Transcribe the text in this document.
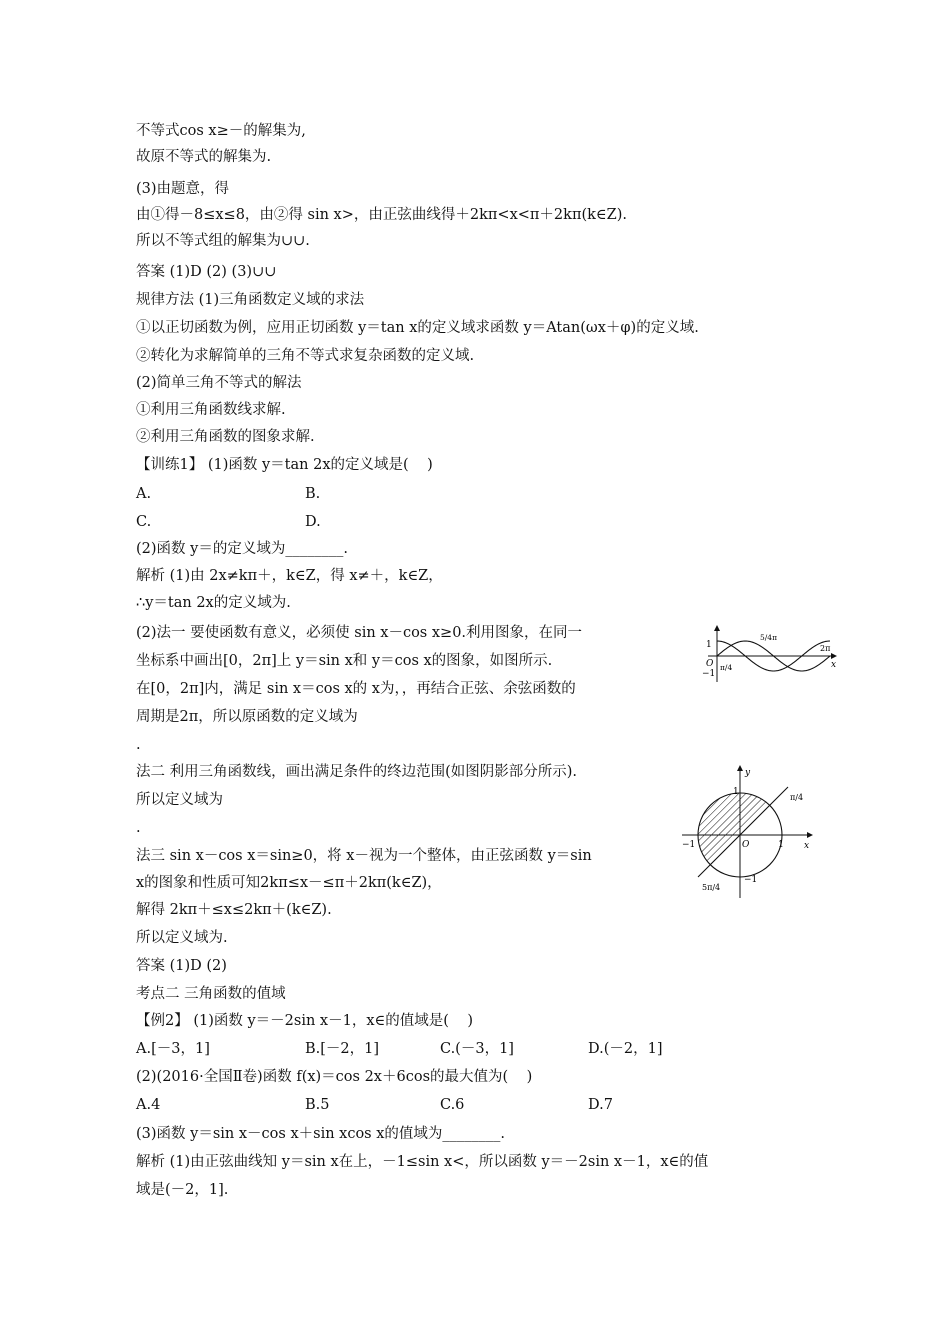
不等式cos x≥－的解集为,
故原不等式的解集为.
(3)由题意，得
由①得－8≤x≤8，由②得 sin x>，由正弦曲线得＋2kπ<x<π＋2kπ(k∈Z).
所以不等式组的解集为∪∪.
答案 (1)D (2) (3)∪∪
规律方法 (1)三角函数定义域的求法
①以正切函数为例，应用正切函数 y＝tan x的定义域求函数 y＝Atan(ωx＋φ)的定义域.
②转化为求解简单的三角不等式求复杂函数的定义域.
(2)简单三角不等式的解法
①利用三角函数线求解.
②利用三角函数的图象求解.
【训练1】 (1)函数 y＝tan 2x的定义域是(    )
A.	B.
C.	D.
(2)函数 y＝的定义域为________.
解析 (1)由 2x≠kπ＋，k∈Z，得 x≠＋，k∈Z，
∴y＝tan 2x的定义域为.
(2)法一 要使函数有意义，必须使 sin x－cos x≥0.利用图象，在同一
坐标系中画出[0，2π]上 y＝sin x和 y＝cos x的图象，如图所示.
在[0，2π]内，满足 sin x＝cos x的 x为，，再结合正弦、余弦函数的
周期是2π，所以原函数的定义域为
.
法二 利用三角函数线，画出满足条件的终边范围(如图阴影部分所示).
所以定义域为
.
法三 sin x－cos x＝sin≥0，将 x－视为一个整体，由正弦函数 y＝sin
x的图象和性质可知2kπ≤x－≤π＋2kπ(k∈Z)，
解得 2kπ＋≤x≤2kπ＋(k∈Z).
所以定义域为.
答案 (1)D (2)
考点二 三角函数的值域
【例2】 (1)函数 y＝－2sin x－1，x∈的值域是(    )
A.[－3，1]	B.[－2，1]	C.(－3，1]	D.(－2，1]
(2)(2016·全国Ⅱ卷)函数 f(x)＝cos 2x＋6cos的最大值为(    )
A.4	B.5	C.6	D.7
(3)函数 y＝sin x－cos x＋sin xcos x的值域为________.
解析 (1)由正弦曲线知 y＝sin x在上，－1≤sin x<，所以函数 y＝－2sin x－1，x∈的值
域是(－2，1].
O
1
−1
π/4
5/4π
2π
x
y
x
O	1
1
−1
−1
π/4
5π/4
